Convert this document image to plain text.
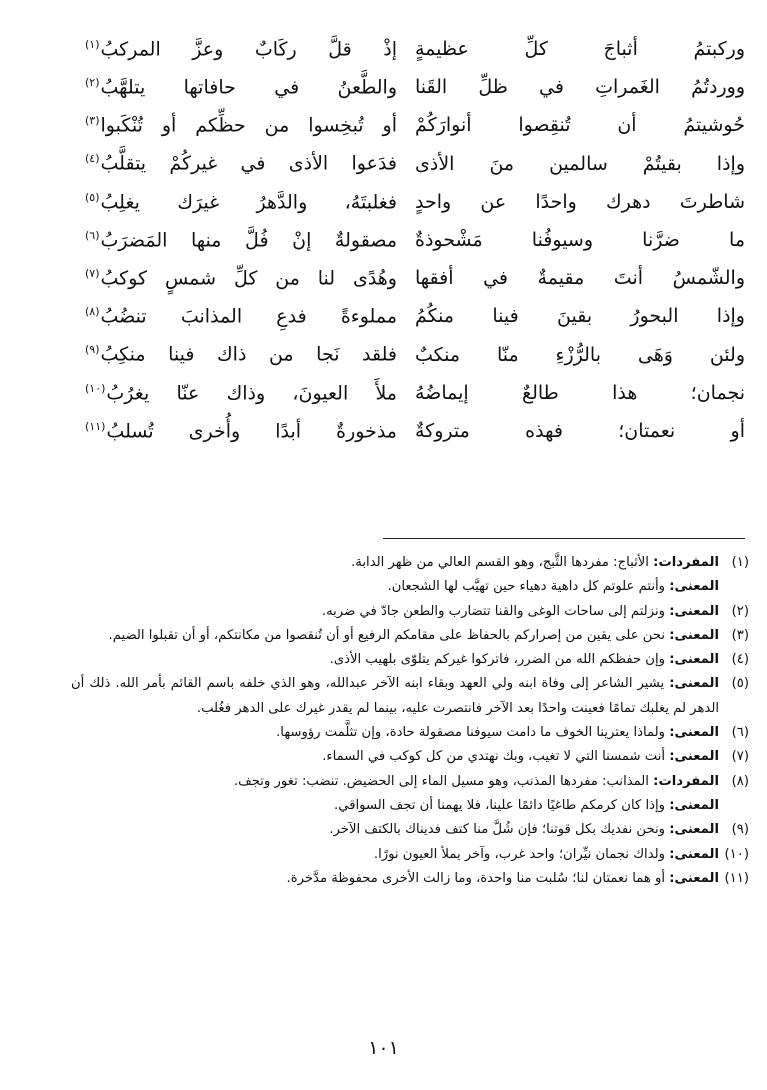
وركبتمُ أثباجَ كلِّ عظيمةٍ
إذْ قلَّ ركَابٌ وعزَّ المركبُ$^{(١)}$
ووردتُمُ الغَمراتِ في ظلِّ القَنا
والطَّعنُ في حافاتها يتلهَّبُ$^{(٢)}$
حُوشيتمُ أن تُنقِصوا أنوارَكُمْ
أو تُبخِسوا من حظِّكم أو تُنْكَبوا$^{(٣)}$
وإذا بقيتُمْ سالمين منَ الأذى
فدَعوا الأذى في غيركُمْ يتقلَّبُ$^{(٤)}$
شاطرتَ دهرك واحدًا عن واحدٍ
فغلبتَهُ، والدَّهرُ غيرَك يغلِبُ$^{(٥)}$
ما ضرَّنا وسيوفُنا مَشْحوذةٌ
مصقولةٌ إنْ فُلَّ منها المَضرَبُ$^{(٦)}$
والشّمسُ أنتَ مقيمةٌ في أفقها
وهُدًى لنا من كلِّ شمسٍ كوكبُ$^{(٧)}$
وإذا البحورُ بقينَ فينا منكُمُ
مملوءةً فدعِ المذانبَ تنضُبُ$^{(٨)}$
ولئن وَهَى بالرُّزْءِ منّا منكبٌ
فلقد نَجا من ذاك فينا منكِبُ$^{(٩)}$
نجمان؛ هذا طالعٌ إيماضُهُ
ملأَ العيونَ، وذاك عنّا يغرُبُ$^{(١٠)}$
أو نعمتان؛ فهذه متروكةٌ
مذخورةٌ أبدًا وأُخرى تُسلبُ$^{(١١)}$
(١)المفردات: الأثباج: مفردها الثَّبج، وهو القسم العالي من ظهر الدابة.
المعنى: وأنتم علوتم كل داهية دهياء حين تهيَّب لها الشجعان.
(٢)المعنى: ونزلتم إلى ساحات الوغى والقنا تتضارب والطعن جادّ في ضربه.
(٣)المعنى: نحن على يقين من إصراركم بالحفاظ على مقامكم الرفيع أو أن تُنقصوا من مكانتكم، أو أن تقبلوا الضيم.
(٤)المعنى: وإن حفظكم الله من الضرر، فاتركوا غيركم يتلوّى بلهيب الأذى.
(٥)المعنى: يشير الشاعر إلى وفاة ابنه ولي العهد وبقاء ابنه الآخر عبدالله، وهو الذي خلفه باسم القائم بأمر الله. ذلك أن الدهر لم يغلبك تمامًا فعينت واحدًا بعد الآخر فانتصرت عليه، بينما لم يقدر غيرك على الدهر فغُلب.
(٦)المعنى: ولماذا يعترينا الخوف ما دامت سيوفنا مصقولة حادة، وإن تثلَّمت رؤوسها.
(٧)المعنى: أنت شمسنا التي لا تغيب، وبك نهتدي من كل كوكب في السماء.
(٨)المفردات: المذانب: مفردها المذنب، وهو مسيل الماء إلى الحضيض. تنضب: تغور وتجف.
المعنى: وإذا كان كرمكم طاغيًا دائمًا علينا، فلا يهمنا أن تجف السواقي.
(٩)المعنى: ونحن نفديك بكل قوتنا؛ فإن شُلَّ منا كتف فديناك بالكتف الآخر.
(١٠)المعنى: ولداك نجمان نيِّران؛ واحد غرب، وآخر يملأ العيون نورًا.
(١١)المعنى: أو هما نعمتان لنا؛ سُلبت منا واحدة، وما زالت الأخرى محفوظة مدَّخرة.
١٠١
